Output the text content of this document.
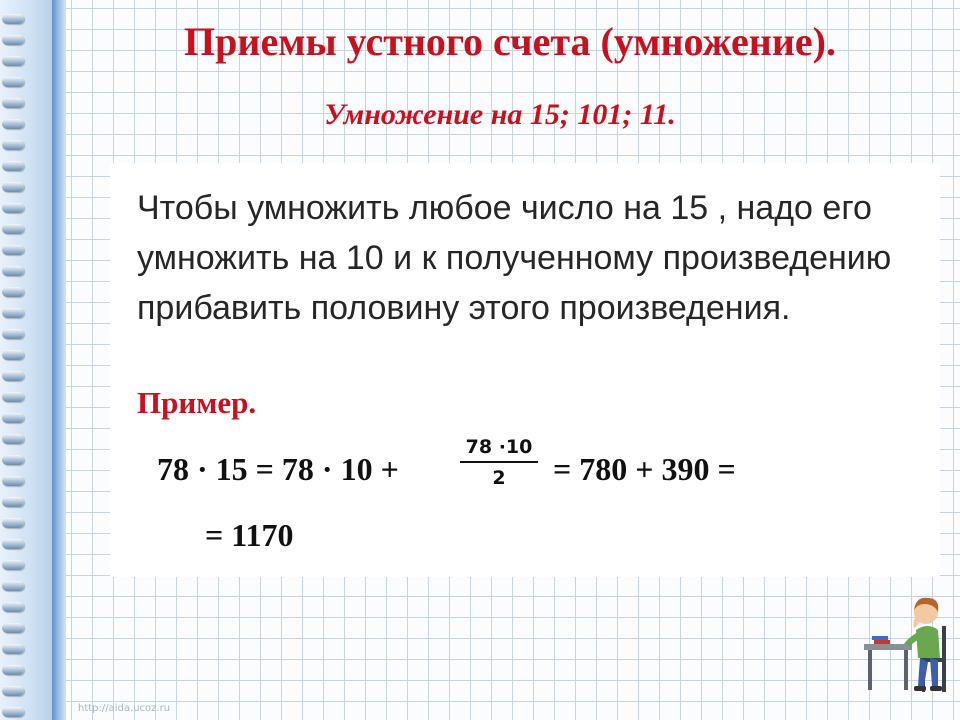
Приемы устного счета (умножение).
Умножение на 15; 101; 11.

Чтобы умножить любое число на 15 , надо его умножить на 10 и к полученному произведению прибавить половину этого произведения.

Пример.

78 · 15 = 78 · 10 +
78 ·10
2	= 780 + 390 =
= 1170
http://aida.ucoz.ru
